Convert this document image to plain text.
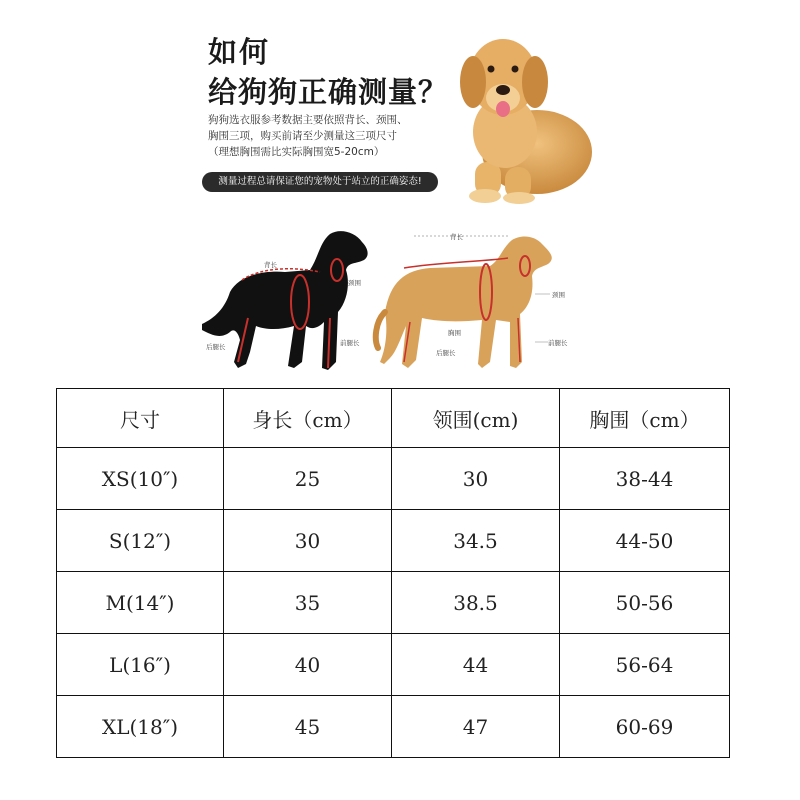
如何
给狗狗正确测量？
狗狗选衣服参考数据主要依照背长、颈围、
胸围三项，购买前请至少测量这三项尺寸
（理想胸围需比实际胸围宽5-20cm）
测量过程总请保证您的宠物处于站立的正确姿态!
背长
颈围
后腿长	前腿长
背长
颈围
胸围
后腿长
前腿长
尺寸	身长（cm）	领围(cm)	胸围（cm）
XS(10″)	25	30	38-44
S(12″)	30	34.5	44-50
M(14″)	35	38.5	50-56
L(16″)	40	44	56-64
XL(18″)	45	47	60-69
